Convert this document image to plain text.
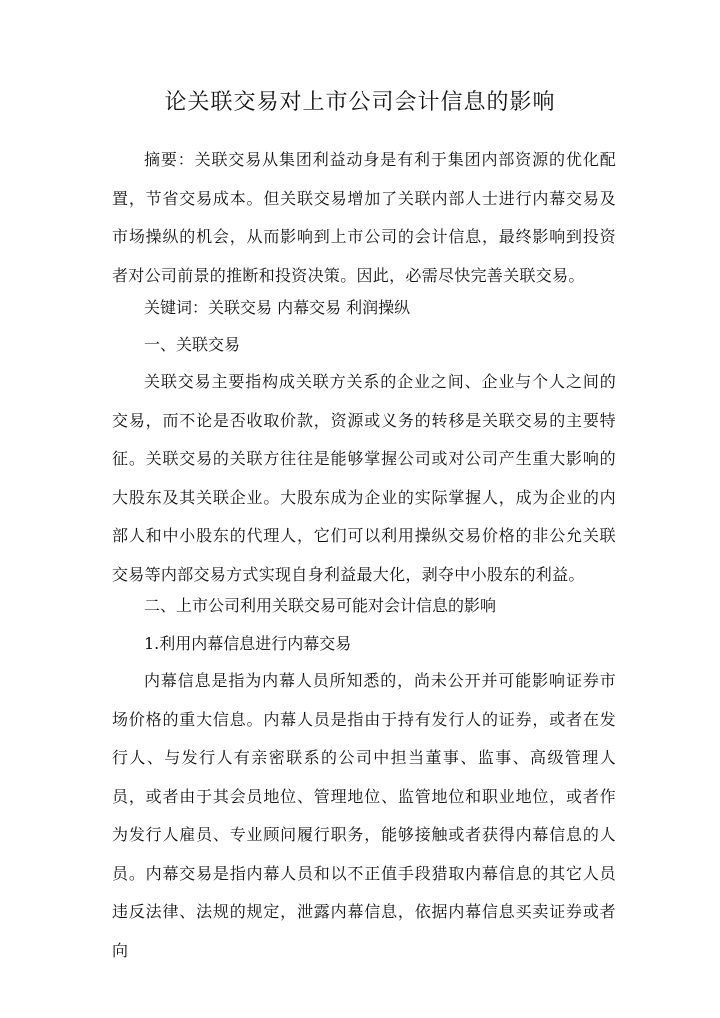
论关联交易对上市公司会计信息的影响

摘要：关联交易从集团利益动身是有利于集团内部资源的优化配置，节省交易成本。但关联交易增加了关联内部人士进行内幕交易及市场操纵的机会，从而影响到上市公司的会计信息，最终影响到投资者对公司前景的推断和投资决策。因此，必需尽快完善关联交易。

关键词：关联交易 内幕交易 利润操纵

一、关联交易

关联交易主要指构成关联方关系的企业之间、企业与个人之间的交易，而不论是否收取价款，资源或义务的转移是关联交易的主要特征。关联交易的关联方往往是能够掌握公司或对公司产生重大影响的大股东及其关联企业。大股东成为企业的实际掌握人，成为企业的内部人和中小股东的代理人，它们可以利用操纵交易价格的非公允关联交易等内部交易方式实现自身利益最大化，剥夺中小股东的利益。

二、上市公司利用关联交易可能对会计信息的影响

1.利用内幕信息进行内幕交易

内幕信息是指为内幕人员所知悉的，尚未公开并可能影响证券市场价格的重大信息。内幕人员是指由于持有发行人的证券，或者在发行人、与发行人有亲密联系的公司中担当董事、监事、高级管理人员，或者由于其会员地位、管理地位、监管地位和职业地位，或者作为发行人雇员、专业顾问履行职务，能够接触或者获得内幕信息的人员。内幕交易是指内幕人员和以不正值手段猎取内幕信息的其它人员违反法律、法规的规定，泄露内幕信息，依据内幕信息买卖证券或者向
